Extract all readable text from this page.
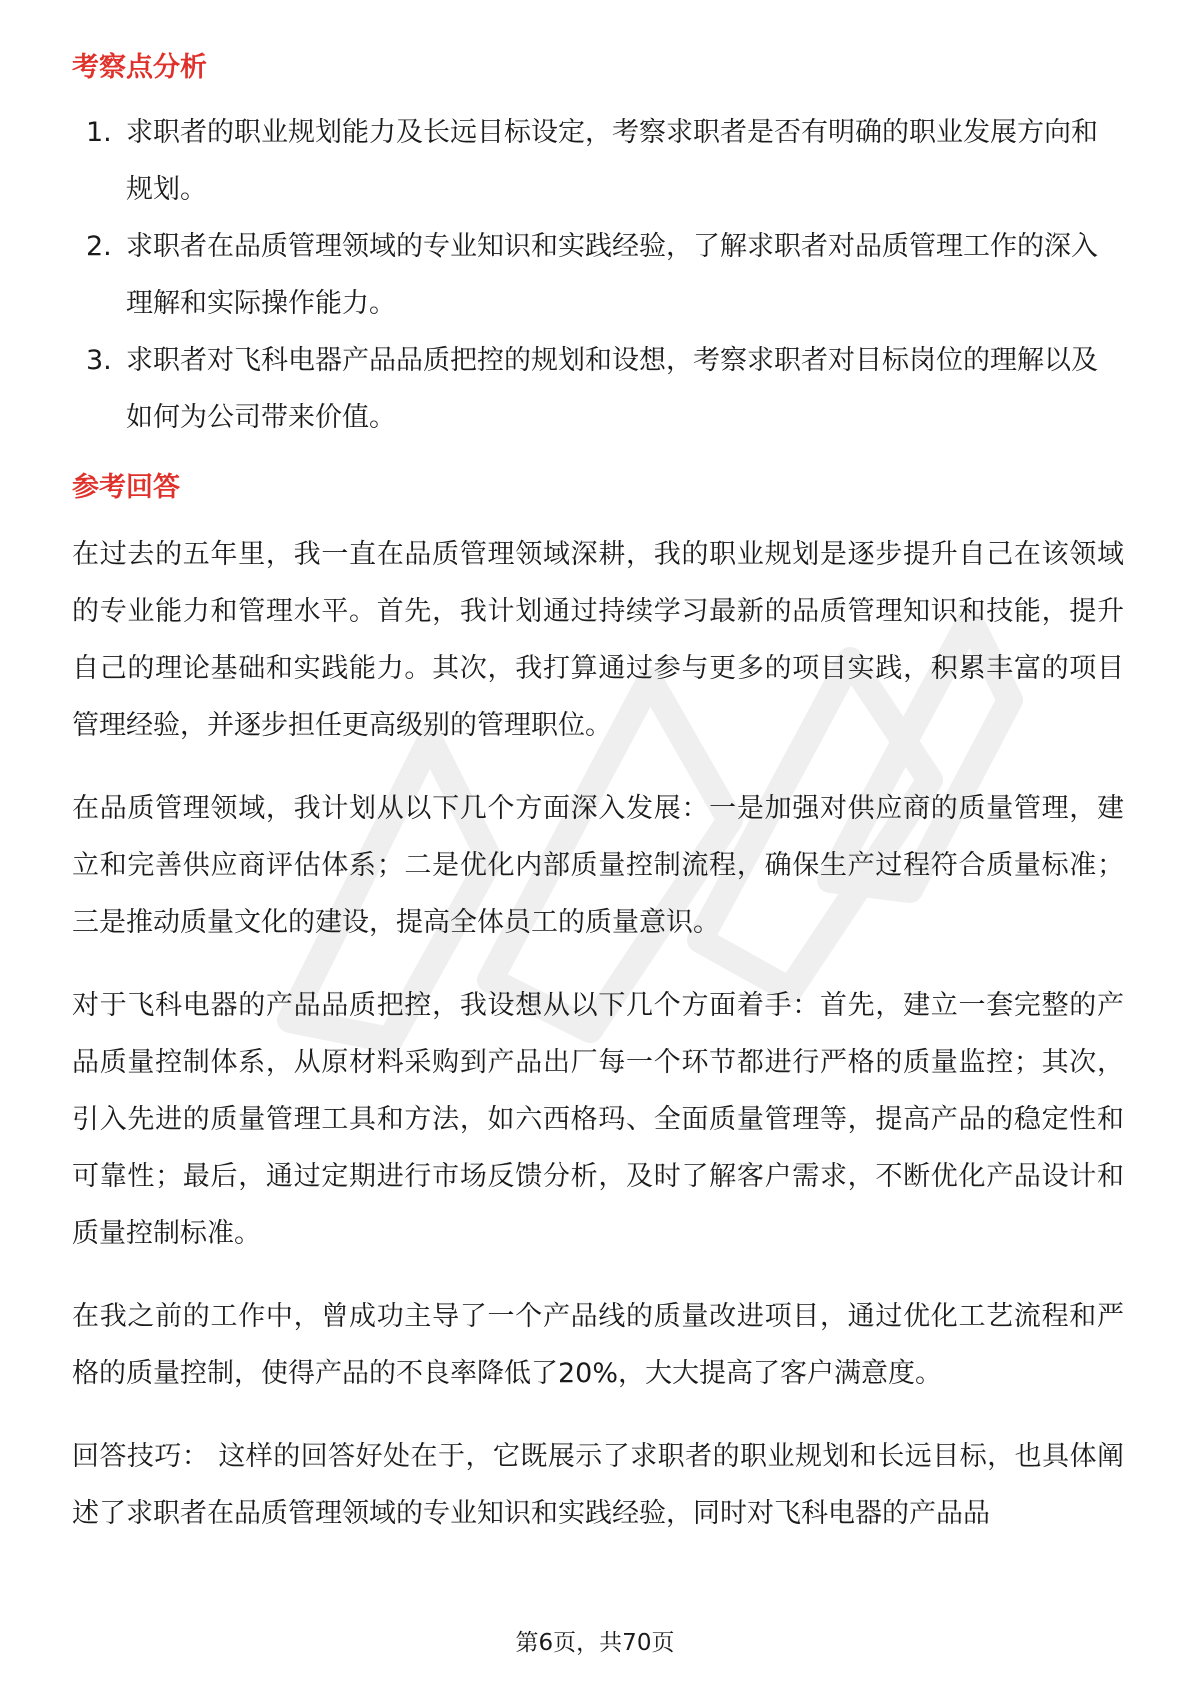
考察点分析
1. 求职者的职业规划能力及长远目标设定，考察求职者是否有明确的职业发展方向和规划。
2. 求职者在品质管理领域的专业知识和实践经验，了解求职者对品质管理工作的深入理解和实际操作能力。
3. 求职者对飞科电器产品品质把控的规划和设想，考察求职者对目标岗位的理解以及如何为公司带来价值。
参考回答

在过去的五年里，我一直在品质管理领域深耕，我的职业规划是逐步提升自己在该领域的专业能力和管理水平。首先，我计划通过持续学习最新的品质管理知识和技能，提升自己的理论基础和实践能力。其次，我打算通过参与更多的项目实践，积累丰富的项目管理经验，并逐步担任更高级别的管理职位。

在品质管理领域，我计划从以下几个方面深入发展：一是加强对供应商的质量管理，建立和完善供应商评估体系；二是优化内部质量控制流程，确保生产过程符合质量标准；三是推动质量文化的建设，提高全体员工的质量意识。

对于飞科电器的产品品质把控，我设想从以下几个方面着手：首先，建立一套完整的产品质量控制体系，从原材料采购到产品出厂每一个环节都进行严格的质量监控；其次，引入先进的质量管理工具和方法，如六西格玛、全面质量管理等，提高产品的稳定性和可靠性；最后，通过定期进行市场反馈分析，及时了解客户需求，不断优化产品设计和质量控制标准。

在我之前的工作中，曾成功主导了一个产品线的质量改进项目，通过优化工艺流程和严格的质量控制，使得产品的不良率降低了20%，大大提高了客户满意度。

回答技巧： 这样的回答好处在于，它既展示了求职者的职业规划和长远目标，也具体阐述了求职者在品质管理领域的专业知识和实践经验，同时对飞科电器的产品品

第6页，共70页
